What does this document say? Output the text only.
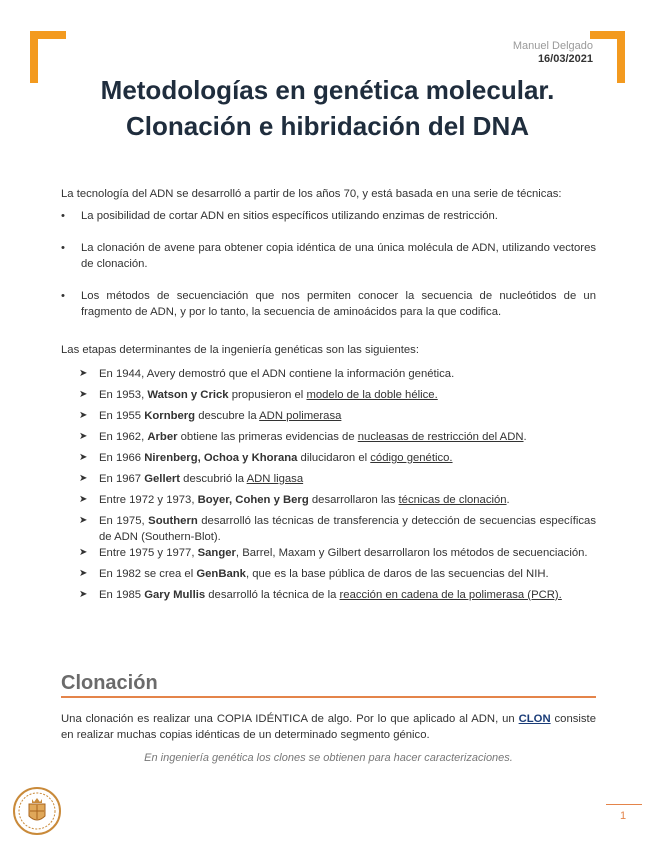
Manuel Delgado
16/03/2021
Metodologías en genética molecular.
Clonación e hibridación del DNA

La tecnología del ADN se desarrolló a partir de los años 70, y está basada en una serie de técnicas:

• La posibilidad de cortar ADN en sitios específicos utilizando enzimas de restricción.
• La clonación de avene para obtener copia idéntica de una única molécula de ADN, utilizando vectores de clonación.
• Los métodos de secuenciación que nos permiten conocer la secuencia de nucleótidos de un fragmento de ADN, y por lo tanto, la secuencia de aminoácidos para la que codifica.

Las etapas determinantes de la ingeniería genéticas son las siguientes:

➤ En 1944, Avery demostró que el ADN contiene la información genética.
➤ En 1953, Watson y Crick propusieron el modelo de la doble hélice.
➤ En 1955 Kornberg descubre la ADN polimerasa
➤ En 1962, Arber obtiene las primeras evidencias de nucleasas de restricción del ADN.
➤ En 1966 Nirenberg, Ochoa y Khorana dilucidaron el código genético.
➤ En 1967 Gellert descubrió la ADN ligasa
➤ Entre 1972 y 1973, Boyer, Cohen y Berg desarrollaron las técnicas de clonación.
➤ En 1975, Southern desarrolló las técnicas de transferencia y detección de secuencias específicas de ADN (Southern-Blot).
➤ Entre 1975 y 1977, Sanger, Barrel, Maxam y Gilbert desarrollaron los métodos de secuenciación.
➤ En 1982 se crea el GenBank, que es la base pública de daros de las secuencias del NIH.
➤ En 1985 Gary Mullis desarrolló la técnica de la reacción en cadena de la polimerasa (PCR).
Clonación

Una clonación es realizar una COPIA IDÉNTICA de algo. Por lo que aplicado al ADN, un CLON consiste en realizar muchas copias idénticas de un determinado segmento génico.

En ingeniería genética los clones se obtienen para hacer caracterizaciones.
1
